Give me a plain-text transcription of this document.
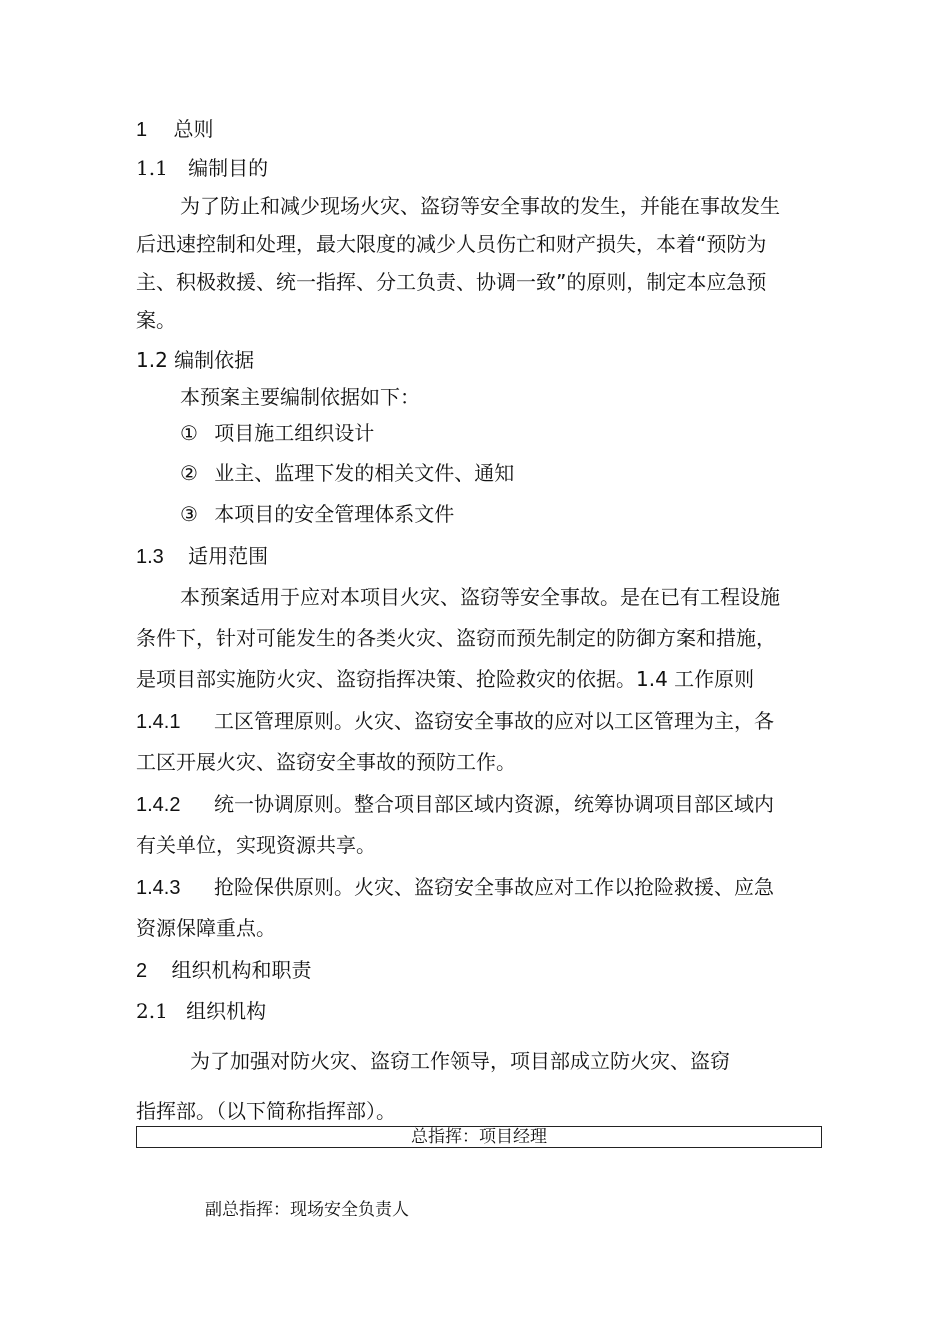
1 总则
1.1 编制目的
为了防止和减少现场火灾、盗窃等安全事故的发生，并能在事故发生
后迅速控制和处理，最大限度的减少人员伤亡和财产损失，本着“预防为
主、积极救援、统一指挥、分工负责、协调一致”的原则，制定本应急预
案。
1.2 编制依据
本预案主要编制依据如下：
① 项目施工组织设计
② 业主、监理下发的相关文件、通知
③ 本项目的安全管理体系文件
1.3 适用范围
本预案适用于应对本项目火灾、盗窃等安全事故。是在已有工程设施
条件下，针对可能发生的各类火灾、盗窃而预先制定的防御方案和措施，
是项目部实施防火灾、盗窃指挥决策、抢险救灾的依据。1.4 工作原则
1.4.1 工区管理原则。火灾、盗窃安全事故的应对以工区管理为主，各
工区开展火灾、盗窃安全事故的预防工作。
1.4.2 统一协调原则。整合项目部区域内资源，统筹协调项目部区域内
有关单位，实现资源共享。
1.4.3 抢险保供原则。火灾、盗窃安全事故应对工作以抢险救援、应急
资源保障重点。
2 组织机构和职责
2.1 组织机构
为了加强对防火灾、盗窃工作领导，项目部成立防火灾、盗窃
指挥部。（以下简称指挥部）。
总指挥：项目经理
副总指挥：现场安全负责人
